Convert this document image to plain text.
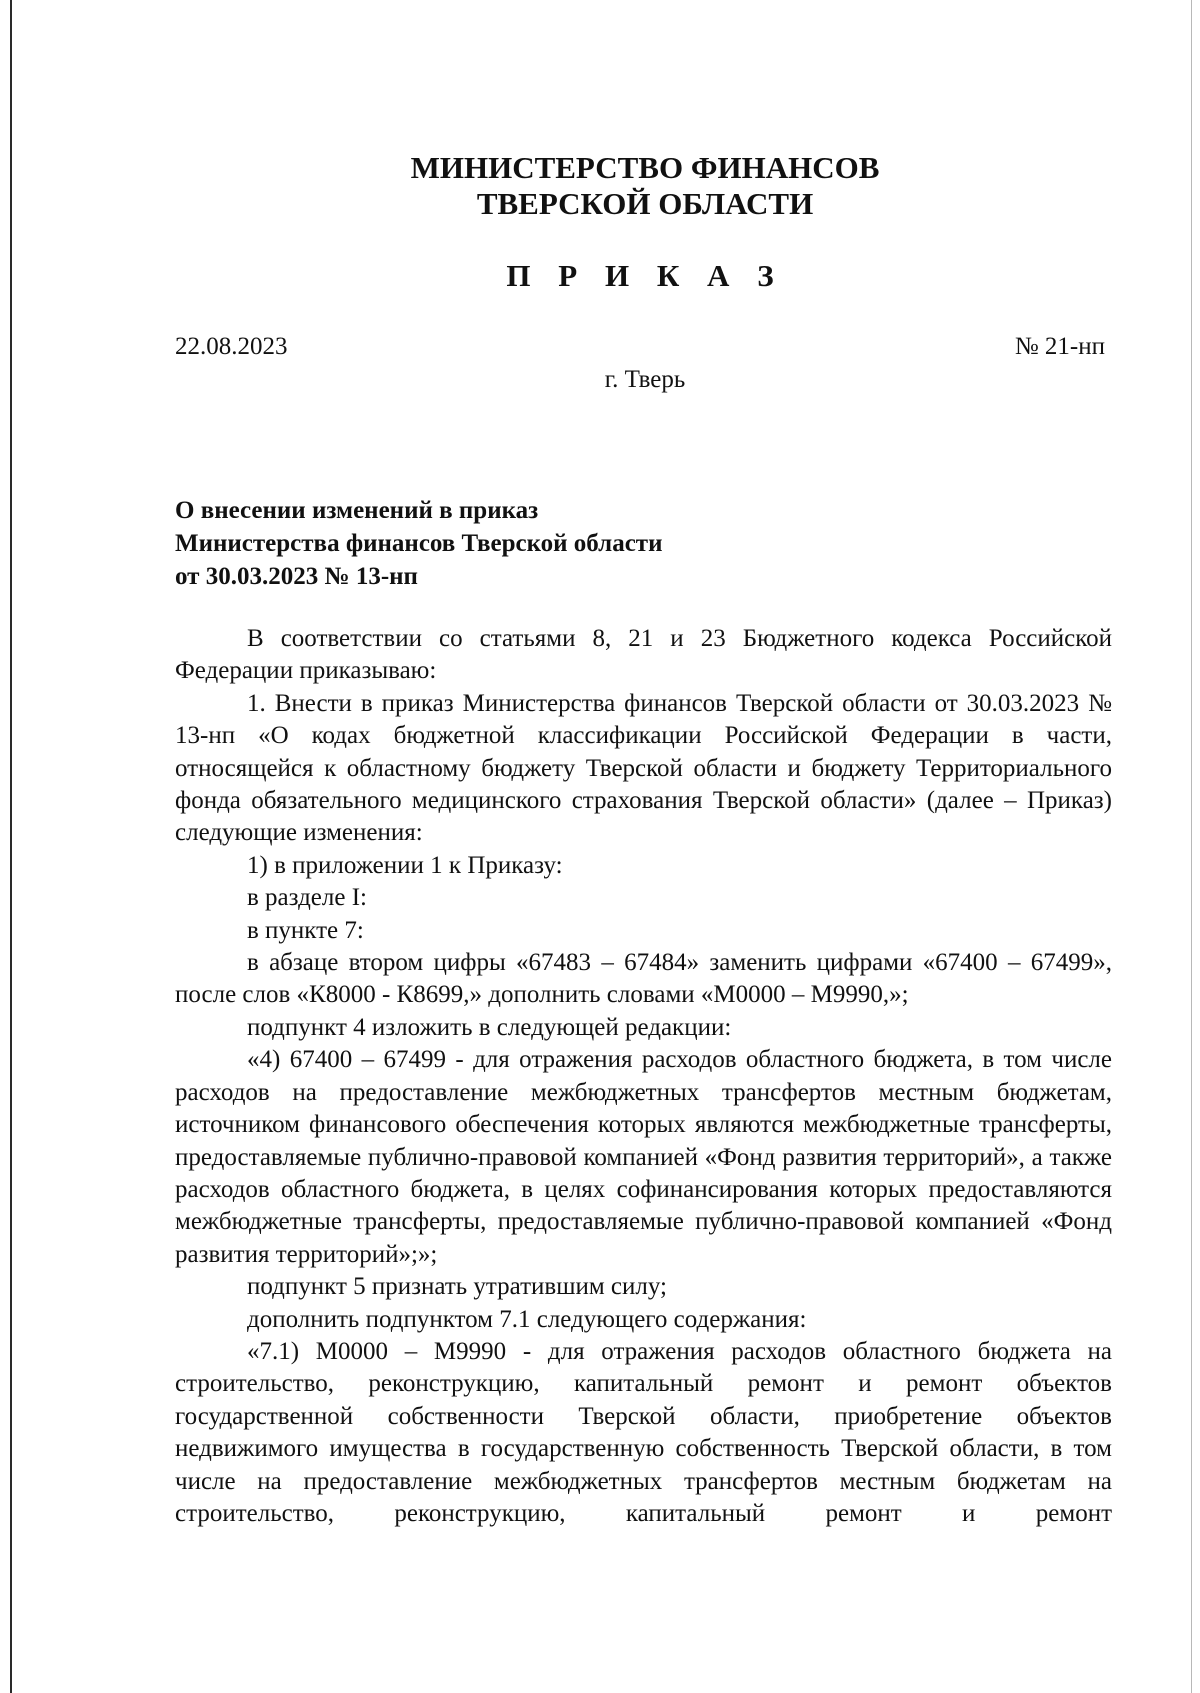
МИНИСТЕРСТВО ФИНАНСОВ
ТВЕРСКОЙ ОБЛАСТИ
П Р И К А З
22.08.2023	№ 21-нп
г. Тверь
О внесении изменений в приказ
Министерства финансов Тверской области
от 30.03.2023 № 13-нп

В соответствии со статьями 8, 21 и 23 Бюджетного кодекса Российской Федерации приказываю:

1. Внести в приказ Министерства финансов Тверской области от 30.03.2023 № 13-нп «О кодах бюджетной классификации Российской Федерации в части, относящейся к областному бюджету Тверской области и бюджету Территориального фонда обязательного медицинского страхования Тверской области» (далее – Приказ) следующие изменения:

1) в приложении 1 к Приказу:

в разделе I:

в пункте 7:

в абзаце втором цифры «67483 – 67484» заменить цифрами «67400 – 67499», после слов «К8000 - К8699,» дополнить словами «М0000 – М9990,»;

подпункт 4 изложить в следующей редакции:

«4) 67400 – 67499 - для отражения расходов областного бюджета, в том числе расходов на предоставление межбюджетных трансфертов местным бюджетам, источником финансового обеспечения которых являются межбюджетные трансферты, предоставляемые публично-правовой компанией «Фонд развития территорий», а также расходов областного бюджета, в целях софинансирования которых предоставляются межбюджетные трансферты, предоставляемые публично-правовой компанией «Фонд развития территорий»;»;

подпункт 5 признать утратившим силу;

дополнить подпунктом 7.1 следующего содержания:

«7.1) М0000 – М9990 - для отражения расходов областного бюджета на строительство, реконструкцию, капитальный ремонт и ремонт объектов государственной собственности Тверской области, приобретение объектов недвижимого имущества в государственную собственность Тверской области, в том числе на предоставление межбюджетных трансфертов местным бюджетам на строительство, реконструкцию, капитальный ремонт и ремонт
